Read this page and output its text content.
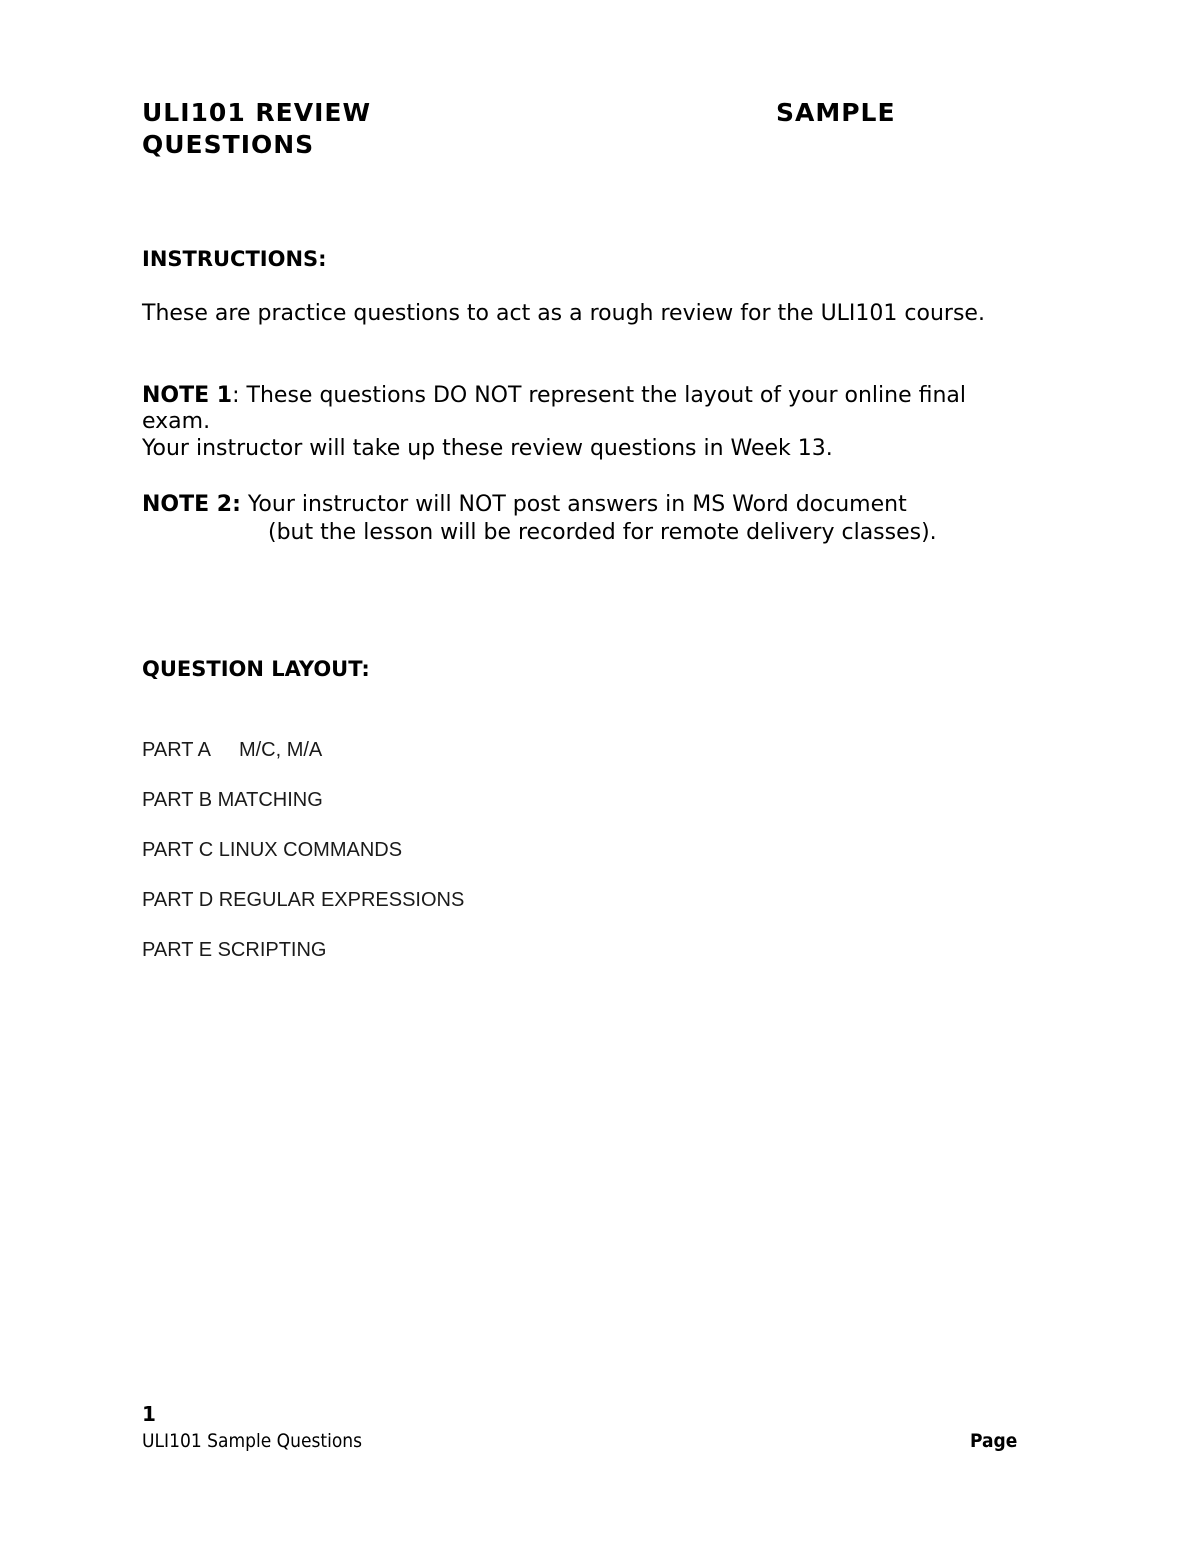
ULI101 REVIEW	SAMPLE
QUESTIONS
INSTRUCTIONS:
These are practice questions to act as a rough review for the ULI101 course.
NOTE 1: These questions DO NOT represent the layout of your online final
exam.
Your instructor will take up these review questions in Week 13.
NOTE 2: Your instructor will NOT post answers in MS Word document
(but the lesson will be recorded for remote delivery classes).
QUESTION LAYOUT:
PART A M/C, M/A
PART B MATCHING
PART C LINUX COMMANDS
PART D REGULAR EXPRESSIONS
PART E SCRIPTING
1
ULI101 Sample Questions	Page
